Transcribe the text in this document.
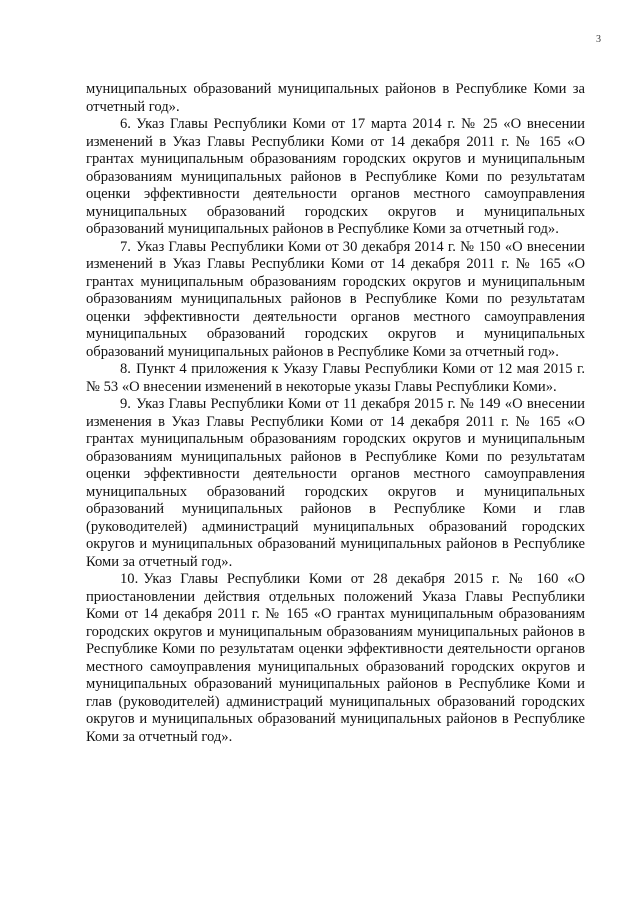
3

муниципальных образований муниципальных районов в Республике Коми за отчетный год».

6. Указ Главы Республики Коми от 17 марта 2014 г. № 25 «О внесении изменений в Указ Главы Республики Коми от 14 декабря 2011 г. № 165 «О грантах муниципальным образованиям городских округов и муниципальным образованиям муниципальных районов в Республике Коми по результатам оценки эффективности деятельности органов местного самоуправления муниципальных образований городских округов и муниципальных образований муниципальных районов в Республике Коми за отчетный год».

7. Указ Главы Республики Коми от 30 декабря 2014 г. № 150 «О внесении изменений в Указ Главы Республики Коми от 14 декабря 2011 г. № 165 «О грантах муниципальным образованиям городских округов и муниципальным образованиям муниципальных районов в Республике Коми по результатам оценки эффективности деятельности органов местного самоуправления муниципальных образований городских округов и муниципальных образований муниципальных районов в Республике Коми за отчетный год».

8. Пункт 4 приложения к Указу Главы Республики Коми от 12 мая 2015 г. № 53 «О внесении изменений в некоторые указы Главы Республики Коми».

9. Указ Главы Республики Коми от 11 декабря 2015 г. № 149 «О внесении изменения в Указ Главы Республики Коми от 14 декабря 2011 г. № 165 «О грантах муниципальным образованиям городских округов и муниципальным образованиям муниципальных районов в Республике Коми по результатам оценки эффективности деятельности органов местного самоуправления муниципальных образований городских округов и муниципальных образований муниципальных районов в Республике Коми и глав (руководителей) администраций муниципальных образований городских округов и муниципальных образований муниципальных районов в Республике Коми за отчетный год».

10. Указ Главы Республики Коми от 28 декабря 2015 г. № 160 «О приостановлении действия отдельных положений Указа Главы Республики Коми от 14 декабря 2011 г. № 165 «О грантах муниципальным образованиям городских округов и муниципальным образованиям муниципальных районов в Республике Коми по результатам оценки эффективности деятельности органов местного самоуправления муниципальных образований городских округов и муниципальных образований муниципальных районов в Республике Коми и глав (руководителей) администраций муниципальных образований городских округов и муниципальных образований муниципальных районов в Республике Коми за отчетный год».
